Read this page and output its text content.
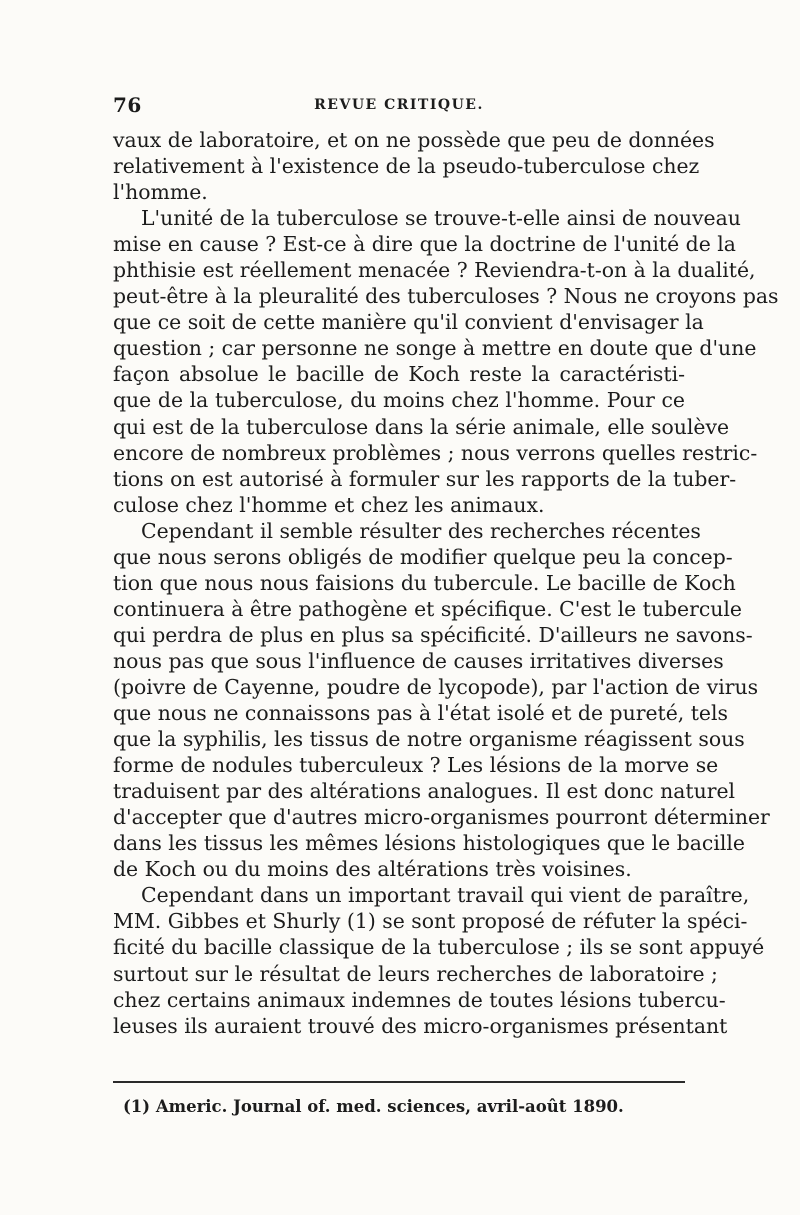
76	REVUE CRITIQUE.

vaux de laboratoire, et on ne possède que peu de données
relativement à l'existence de la pseudo-tuberculose chez
l'homme.

L'unité de la tuberculose se trouve-t-elle ainsi de nouveau
mise en cause ? Est-ce à dire que la doctrine de l'unité de la
phthisie est réellement menacée ? Reviendra-t-on à la dualité,
peut-être à la pleuralité des tuberculoses ? Nous ne croyons pas
que ce soit de cette manière qu'il convient d'envisager la
question ; car personne ne songe à mettre en doute que d'une
façon absolue le bacille de Koch reste la caractéristi-
que de la tuberculose, du moins chez l'homme. Pour ce
qui est de la tuberculose dans la série animale, elle soulève
encore de nombreux problèmes ; nous verrons quelles restric-
tions on est autorisé à formuler sur les rapports de la tuber-
culose chez l'homme et chez les animaux.

Cependant il semble résulter des recherches récentes
que nous serons obligés de modifier quelque peu la concep-
tion que nous nous faisions du tubercule. Le bacille de Koch
continuera à être pathogène et spécifique. C'est le tubercule
qui perdra de plus en plus sa spécificité. D'ailleurs ne savons-
nous pas que sous l'influence de causes irritatives diverses
(poivre de Cayenne, poudre de lycopode), par l'action de virus
que nous ne connaissons pas à l'état isolé et de pureté, tels
que la syphilis, les tissus de notre organisme réagissent sous
forme de nodules tuberculeux ? Les lésions de la morve se
traduisent par des altérations analogues. Il est donc naturel
d'accepter que d'autres micro-organismes pourront déterminer
dans les tissus les mêmes lésions histologiques que le bacille
de Koch ou du moins des altérations très voisines.

Cependant dans un important travail qui vient de paraître,
MM. Gibbes et Shurly (1) se sont proposé de réfuter la spéci-
ficité du bacille classique de la tuberculose ; ils se sont appuyé
surtout sur le résultat de leurs recherches de laboratoire ;
chez certains animaux indemnes de toutes lésions tubercu-
leuses ils auraient trouvé des micro-organismes présentant

(1) Americ. Journal of. med. sciences, avril-août 1890.
